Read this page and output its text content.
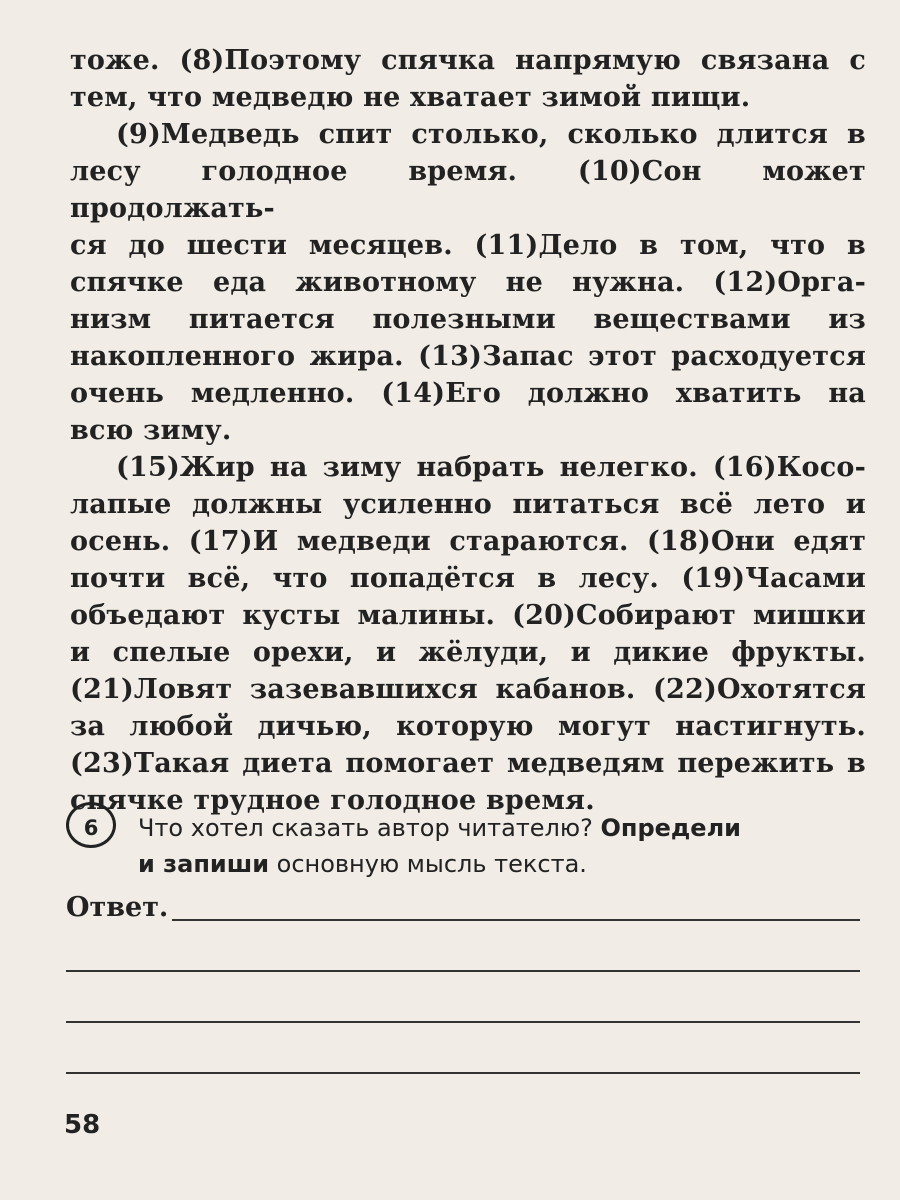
тоже. (8)Поэтому спячка напрямую связана с
тем, что медведю не хватает зимой пищи.
(9)Медведь спит столько, сколько длится в
лесу голодное время. (10)Сон может продолжать-
ся до шести месяцев. (11)Дело в том, что в
спячке еда животному не нужна. (12)Орга-
низм питается полезными веществами из
накопленного жира. (13)Запас этот расходуется
очень медленно. (14)Его должно хватить на
всю зиму.
(15)Жир на зиму набрать нелегко. (16)Косо-
лапые должны усиленно питаться всё лето и
осень. (17)И медведи стараются. (18)Они едят
почти всё, что попадётся в лесу. (19)Часами
объедают кусты малины. (20)Собирают мишки
и спелые орехи, и жёлуди, и дикие фрукты.
(21)Ловят зазевавшихся кабанов. (22)Охотятся
за любой дичью, которую могут настигнуть.
(23)Такая диета помогает медведям пережить в
спячке трудное голодное время.
6	Что хотел сказать автор читателю? Определи
и запиши основную мысль текста.
Ответ.
58
